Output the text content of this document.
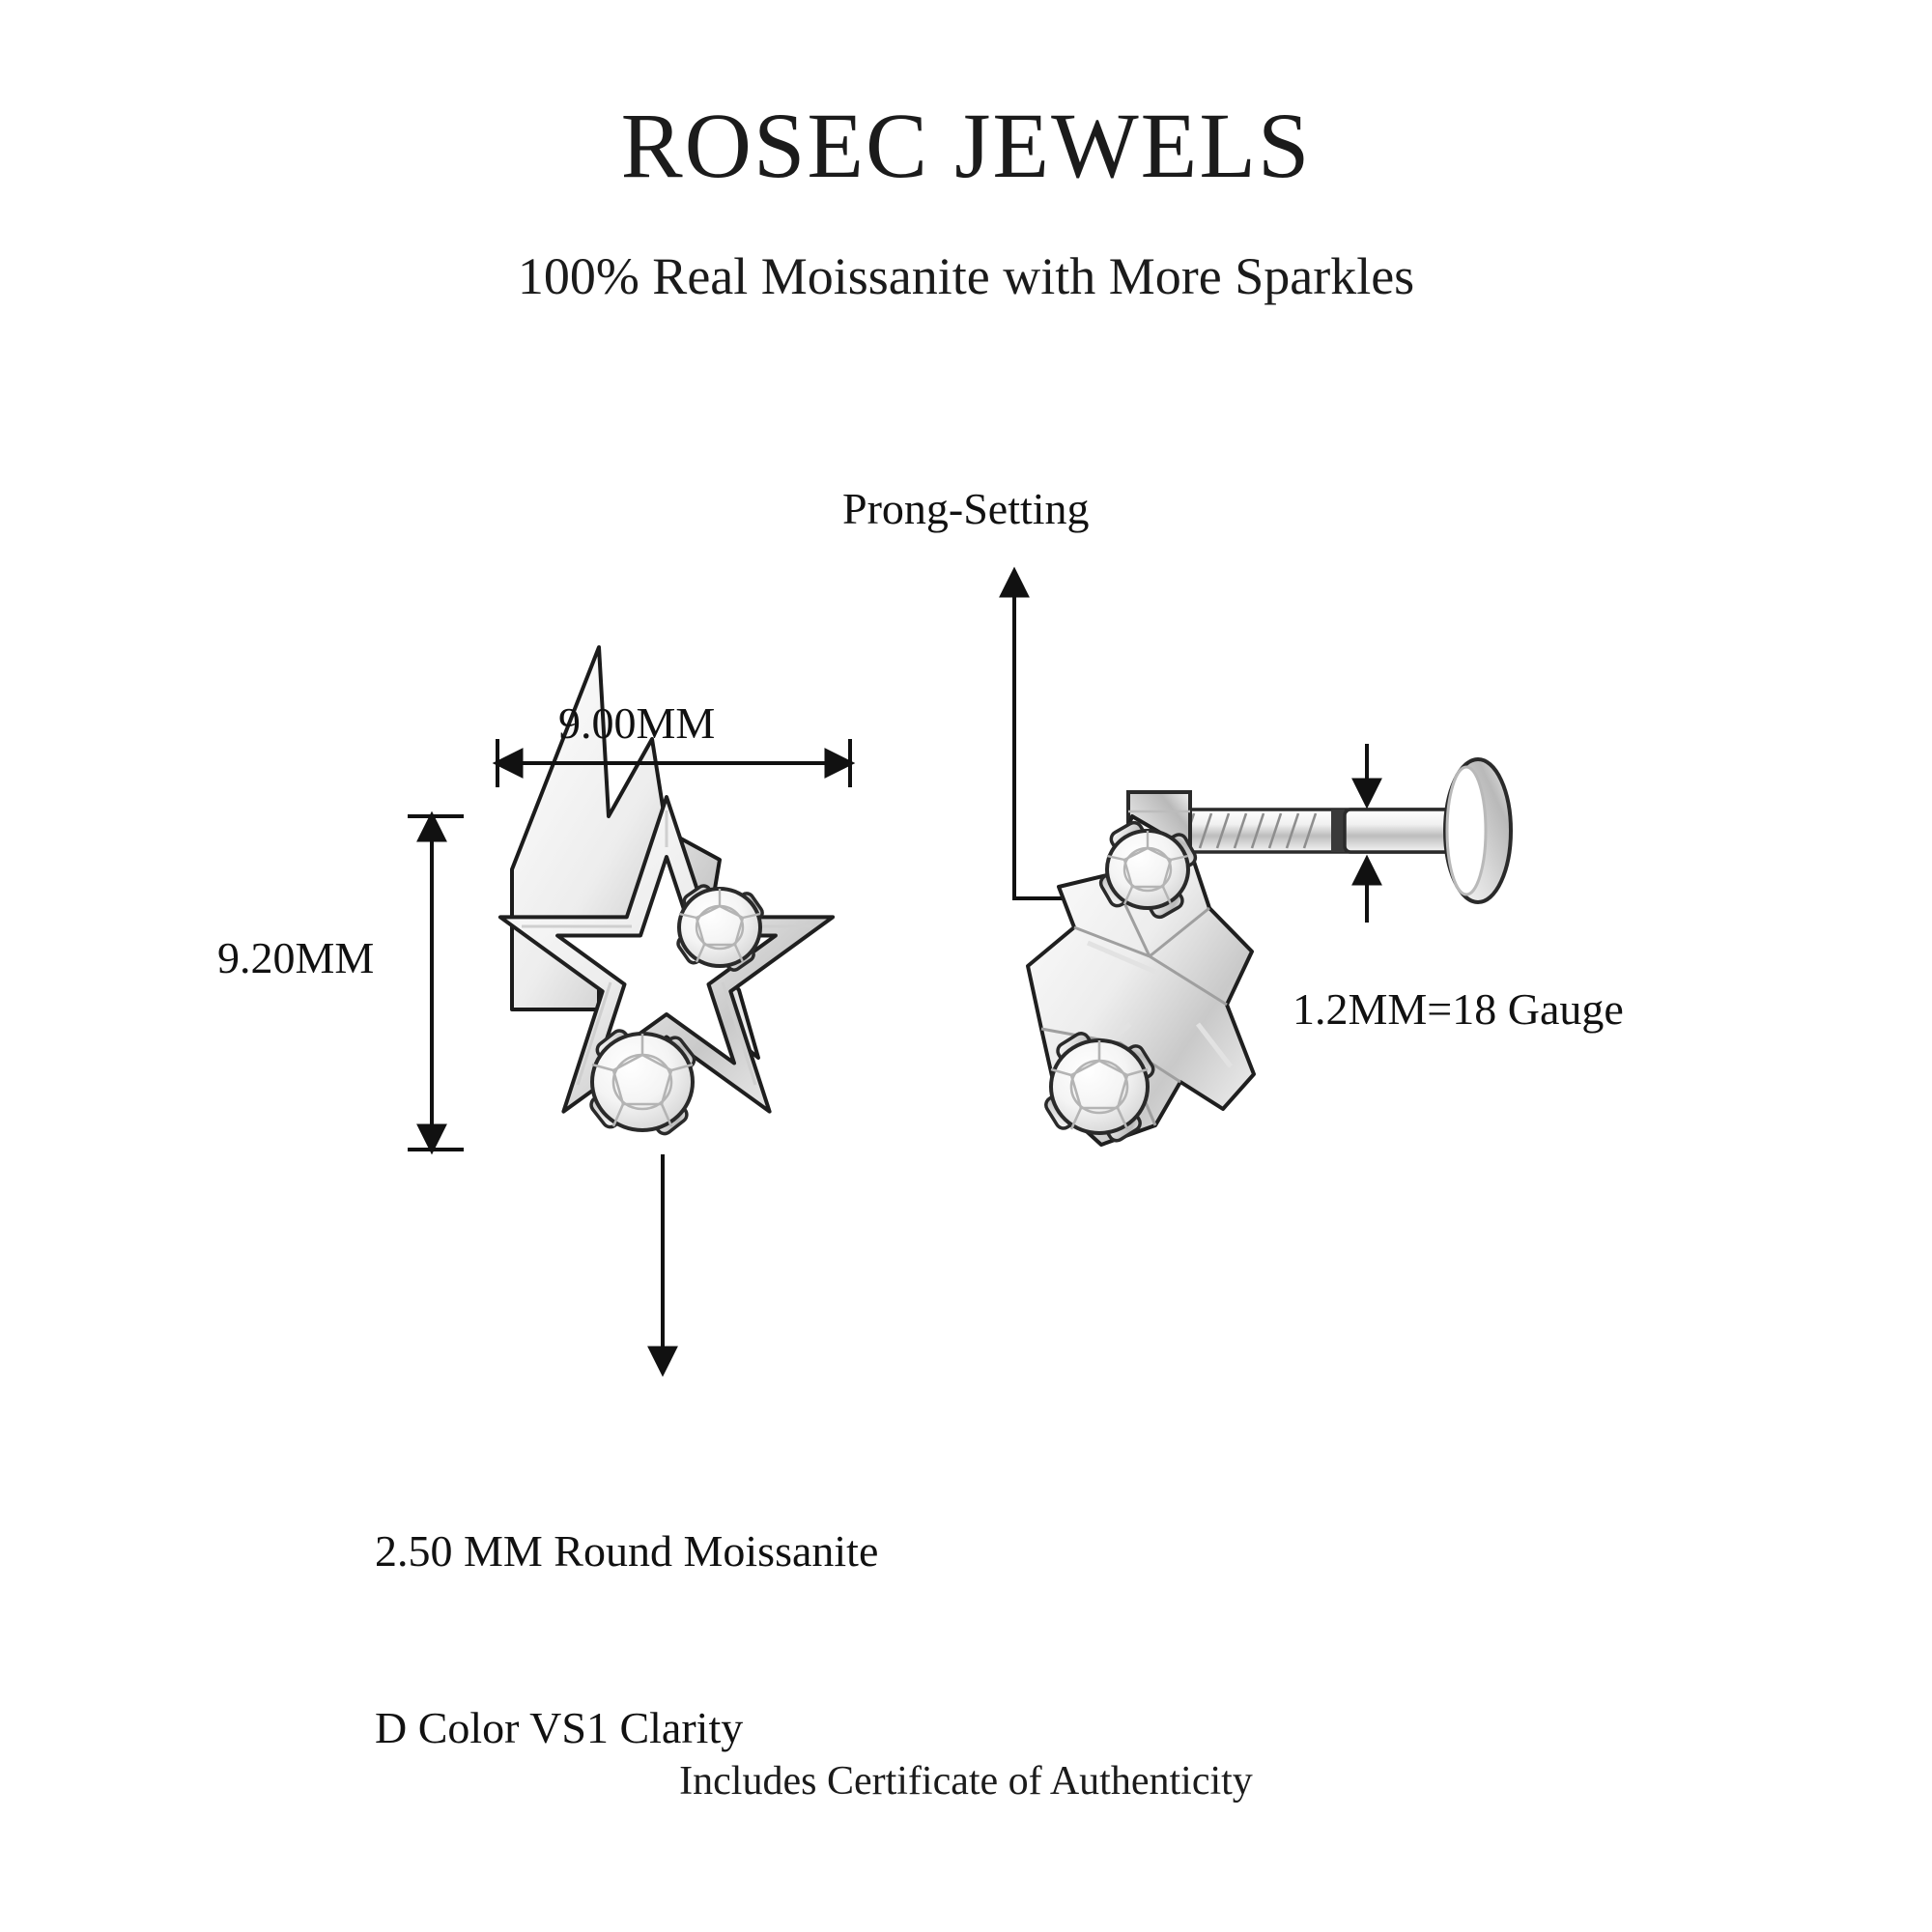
ROSEC JEWELS
100% Real Moissanite with More Sparkles
Prong-Setting
9.00MM
9.20MM
1.2MM=18 Gauge

2.50 MM Round Moissanite

D Color VS1 Clarity

Includes Certificate of Authenticity
